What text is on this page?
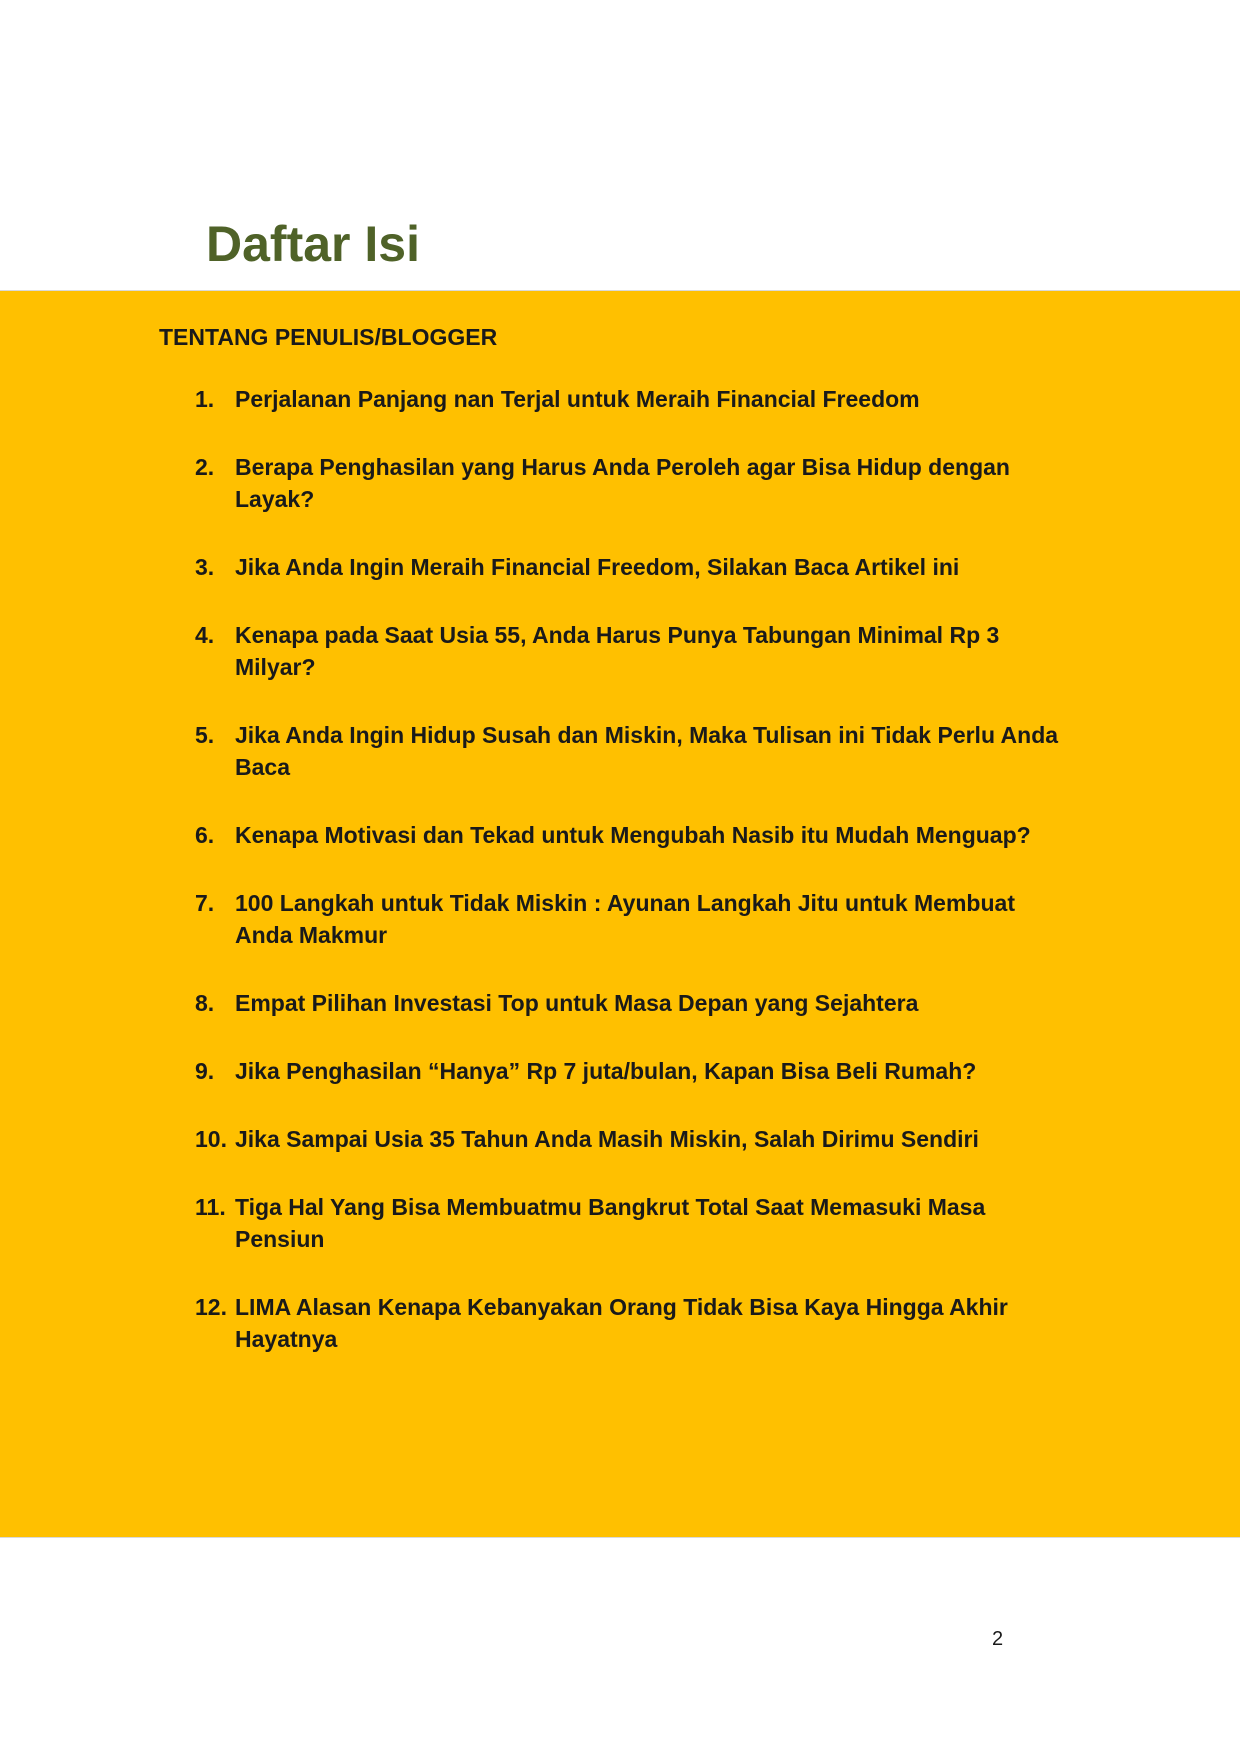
Daftar Isi
TENTANG PENULIS/BLOGGER
1. Perjalanan Panjang nan Terjal untuk Meraih Financial Freedom
2. Berapa Penghasilan yang Harus Anda Peroleh agar Bisa Hidup dengan Layak?
3. Jika Anda Ingin Meraih Financial Freedom, Silakan Baca Artikel ini
4. Kenapa pada Saat Usia 55, Anda Harus Punya Tabungan Minimal Rp 3 Milyar?
5. Jika Anda Ingin Hidup Susah dan Miskin, Maka Tulisan ini Tidak Perlu Anda Baca
6. Kenapa Motivasi dan Tekad untuk Mengubah Nasib itu Mudah Menguap?
7. 100 Langkah untuk Tidak Miskin : Ayunan Langkah Jitu untuk Membuat Anda Makmur
8. Empat Pilihan Investasi Top untuk Masa Depan yang Sejahtera
9. Jika Penghasilan “Hanya” Rp 7 juta/bulan, Kapan Bisa Beli Rumah?
10. Jika Sampai Usia 35 Tahun Anda Masih Miskin, Salah Dirimu Sendiri
11. Tiga Hal Yang Bisa Membuatmu Bangkrut Total Saat Memasuki Masa Pensiun
12. LIMA Alasan Kenapa Kebanyakan Orang Tidak Bisa Kaya Hingga Akhir Hayatnya
2
